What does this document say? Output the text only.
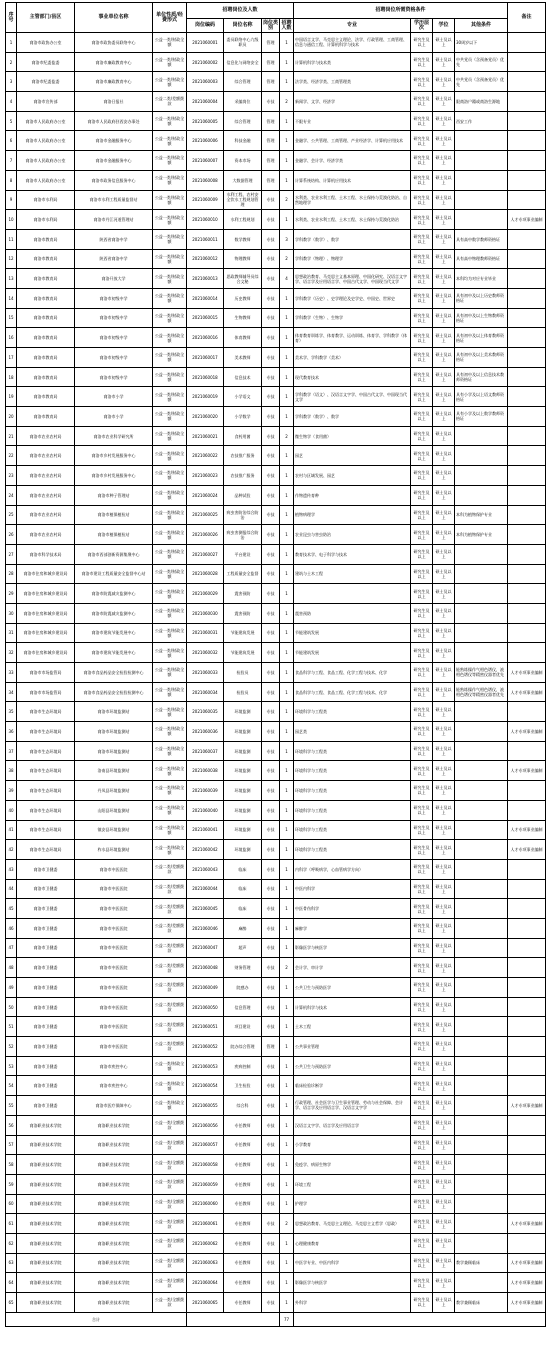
序号	主管部门/县区	事业单位名称	单位性质/经费形式	招聘岗位及人数				招聘岗位所需资格条件				备注
				岗位编码	岗位名称	岗位类别	招聘人数	专业	学历层次	学位	其他条件	
1	商洛市政协办公室	商洛市政协委员联络中心	公益一类/财政全额	2021060001	委员联络中心九级职员	管理	1	中国语言文学、马克思主义理论、法学、行政管理、工商管理、信息与通信工程、计算机科学与技术	研究生及以上	硕士及以上	30周岁以下	
2	商洛市纪委监委	商洛市廉政教育中心	公益一类/财政全额	2021060002	信息化与网络安全	管理	1	计算机科学与技术类	研究生及以上	硕士及以上	中共党员（含预备党员）优先	
3	商洛市纪委监委	商洛市廉政教育中心	公益一类/财政全额	2021060003	综合管理	管理	1	法学类、经济学类、工商管理类	研究生及以上	硕士及以上	中共党员（含预备党员）优先	
4	商洛市宣传部	商洛日报社	公益二类/差额拨款	2021060004	采编岗位	专技	2	新闻学、文学、经济学	研究生及以上	硕士及以上	限商洛户籍或商洛生源地	
5	商洛市人民政府办公室	商洛市人民政府驻西安办事处	公益一类/财政全额	2021060005	综合管理	管理	1	不限专业	研究生及以上	硕士及以上	西安工作	
6	商洛市人民政府办公室	商洛市金融服务中心	公益一类/财政全额	2021060006	科技金融	管理	1	金融学、公共管理、工商管理、产业经济学、计算机应用技术	研究生及以上	硕士及以上		
7	商洛市人民政府办公室	商洛市金融服务中心	公益一类/财政全额	2021060007	资本市场	管理	1	金融学、会计学、经济学类	研究生及以上	硕士及以上		
8	商洛市人民政府办公室	商洛市政务信息服务中心	公益一类/财政全额	2021060008	大数据管理	管理	1	计算系统结构、计算机应用技术	研究生及以上	硕士及以上		
9	商洛市水利局	商洛市水利工程质量监督站	公益一类/财政全额	2021060009	水利工程、农村安全饮水工程规划管理	专技	2	水利类、农业水利工程、土木工程、水土保持与荒漠化防治、自然地理学	研究生及以上	硕士及以上		
10	商洛市水利局	商洛市丹江河道管理站	公益一类/财政全额	2021060010	水利工程规划	专技	1	水利类、农业水利工程、土木工程、水土保持与荒漠化防治	研究生及以上	硕士及以上		人才专项事业编制
11	商洛市教育局	陕西省商洛中学	公益一类/财政全额	2021060011	数学教师	专技	3	学科教学（数学）、数学	研究生及以上	硕士及以上	具有高中数学教师资格证	
12	商洛市教育局	陕西省商洛中学	公益一类/财政全额	2021060012	物理教师	专技	2	学科教学（物理）、物理学	研究生及以上	硕士及以上	具有高中物理教师资格证	
13	商洛市教育局	商洛开放大学	公益一类/财政全额	2021060013	思政教师辅导员综合文秘	专技	4	思想政治教育、马克思主义基本原理、中国化研究、汉语言文字学、语言学及应用语言学、中国古代文学、中国现当代文学	研究生及以上	硕士及以上	本科均为对应专业毕业	
14	商洛市教育局	商洛市初级中学	公益一类/财政全额	2021060014	历史教师	专技	1	学科教学（历史）、史学理论及史学史、中国史、世界史	研究生及以上	硕士及以上	具有初中及以上历史教师资格证	
15	商洛市教育局	商洛市初级中学	公益一类/财政全额	2021060015	生物教师	专技	1	学科教学（生物）、生物学	研究生及以上	硕士及以上	具有初中及以上生物教师资格证	
16	商洛市教育局	商洛市初级中学	公益一类/财政全额	2021060016	体育教师	专技	1	体育教育训练学、体育教学、运动训练、体育学、学科教学（体育）	研究生及以上	硕士及以上	具有初中及以上体育教师资格证	
17	商洛市教育局	商洛市初级中学	公益一类/财政全额	2021060017	美术教师	专技	1	美术学、学科教学（美术）	研究生及以上	硕士及以上	具有初中及以上美术教师资格证	
18	商洛市教育局	商洛市初级中学	公益一类/财政全额	2021060018	信息技术	专技	1	现代教育技术	研究生及以上	硕士及以上	具有初中及以上信息技术教师资格证	
19	商洛市教育局	商洛市小学	公益一类/财政全额	2021060019	小学语文	专技	1	学科教学（语文）、汉语言文字学、中国古代文学、中国现当代文学	研究生及以上	硕士及以上	具有小学及以上语文教师资格证	
20	商洛市教育局	商洛市小学	公益一类/财政全额	2021060020	小学数学	专技	1	学科教学（数学）、数学	研究生及以上	硕士及以上	具有小学及以上数学教师资格证	
21	商洛市农业农村局	商洛市农业科学研究所	公益一类/财政全额	2021060021	食药用菌	专技	2	微生物学（食用菌）	研究生及以上	硕士及以上		
22	商洛市农业农村局	商洛市乡村发展服务中心	公益一类/财政全额	2021060022	农技推广服务	专技	1	园艺	研究生及以上	硕士及以上		
23	商洛市农业农村局	商洛市乡村发展服务中心	公益一类/财政全额	2021060023	农技推广服务	专技	1	农村与区域发展、园艺	研究生及以上	硕士及以上		
24	商洛市农业农村局	商洛市种子管理站	公益一类/财政全额	2021060024	品种试验	专技	1	作物遗传育种	研究生及以上	硕士及以上		
25	商洛市农业农村局	商洛市植保植检站	公益一类/财政全额	2021060025	病虫害防治综合防治	专技	1	植物病理学	研究生及以上	硕士及以上	本科为植物保护专业	
26	商洛市农业农村局	商洛市植保植检站	公益一类/财政全额	2021060026	病虫害测报综合防治	专技	1	农业昆虫与害虫防治	研究生及以上	硕士及以上	本科为植物保护专业	
27	商洛市科学技术局	商洛市西部创新资源集聚中心	公益一类/财政全额	2021060027	平台建设	专技	1	教育技术学、电子科学与技术	研究生及以上	硕士及以上		
28	商洛市住房和城乡建设局	商洛市建设工程质量安全监督中心站	公益一类/财政全额	2021060028	工程质量安全监督	专技	1	建筑与土木工程	研究生及以上	硕士及以上		
29	商洛市住房和城乡建设局	商洛市防震减灾监测中心	公益一类/财政全额	2021060029	震害预防	专技	1		研究生及以上	硕士及以上		
30	商洛市住房和城乡建设局	商洛市防震减灾监测中心	公益一类/财政全额	2021060030	震害预防	专技	1	震害预防	研究生及以上	硕士及以上		
31	商洛市住房和城乡建设局	商洛市建筑节能发展中心	公益一类/财政全额	2021060031	节能建筑发展	专技	1	节能建筑发展	研究生及以上	硕士及以上		
32	商洛市住房和城乡建设局	商洛市建筑节能发展中心	公益一类/财政全额	2021060032	节能建筑发展	专技	1	节能建筑发展	研究生及以上	硕士及以上		
33	商洛市市场监管局	商洛市食品药品安全检验检测中心	公益一类/财政全额	2021060033	检验员	专技	1	食品科学与工程、食品工程、化学工程与技术、化学	研究生及以上	硕士及以上	能熟练操作气相色谱仪，液相色谱仪等精密仪器者优先	人才专项事业编制
34	商洛市市场监管局	商洛市食品药品安全检验检测中心	公益一类/财政全额	2021060034	检验员	专技	1	食品科学与工程、食品工程、化学工程与技术、化学	研究生及以上	硕士及以上	能熟练操作气相色谱仪，液相色谱仪等精密仪器者优先	人才专项事业编制
35	商洛市生态环境局	商洛市环境监测站	公益一类/财政全额	2021060035	环境监测	专技	1	环境科学与工程类	研究生及以上	硕士及以上		
36	商洛市生态环境局	商洛市环境监测站	公益一类/财政全额	2021060036	环境监测	专技	1	园艺类	研究生及以上	硕士及以上		人才专项事业编制
37	商洛市生态环境局	商洛市环境监测站	公益一类/财政全额	2021060037	环境监测	专技	1	环境科学与工程类	研究生及以上	硕士及以上		
38	商洛市生态环境局	洛南县环境监测站	公益一类/财政全额	2021060038	环境监测	专技	1	环境科学与工程类	研究生及以上	硕士及以上		人才专项事业编制
39	商洛市生态环境局	丹凤县环境监测站	公益一类/财政全额	2021060039	环境监测	专技	1	环境科学与工程类	研究生及以上	硕士及以上		
40	商洛市生态环境局	山阳县环境监测站	公益一类/财政全额	2021060040	环境监测	专技	1	环境科学与工程类	研究生及以上	硕士及以上		
41	商洛市生态环境局	镇安县环境监测站	公益一类/财政全额	2021060041	环境监测	专技	1	环境科学与工程类	研究生及以上	硕士及以上		人才专项事业编制
42	商洛市生态环境局	柞水县环境监测站	公益一类/财政全额	2021060042	环境监测	专技	1	环境科学与工程类	研究生及以上	硕士及以上		人才专项事业编制
43	商洛市卫健委	商洛市中医医院	公益二类/差额拨款	2021060043	临床	专技	1	内科学（呼吸病学，心血管病学方向）	研究生及以上	硕士及以上		
44	商洛市卫健委	商洛市中医医院	公益二类/差额拨款	2021060044	临床	专技	1	中医内科学	研究生及以上	硕士及以上		
45	商洛市卫健委	商洛市中医医院	公益二类/差额拨款	2021060045	临床	专技	1	中医骨伤科学	研究生及以上	硕士及以上		
46	商洛市卫健委	商洛市中医医院	公益二类/差额拨款	2021060046	麻醉	专技	1	麻醉学	研究生及以上	硕士及以上		
47	商洛市卫健委	商洛市中医医院	公益二类/差额拨款	2021060047	超声	专技	1	影像医学与核医学	研究生及以上	硕士及以上		
48	商洛市卫健委	商洛市中医医院	公益二类/差额拨款	2021060048	财务管理	专技	2	会计学、审计学	研究生及以上	硕士及以上		
49	商洛市卫健委	商洛市中医医院	公益二类/差额拨款	2021060049	院感办	专技	1	公共卫生与预防医学	研究生及以上	硕士及以上		
50	商洛市卫健委	商洛市中医医院	公益二类/差额拨款	2021060050	信息管理	专技	1	计算机科学与技术	研究生及以上	硕士及以上		
51	商洛市卫健委	商洛市中医医院	公益二类/差额拨款	2021060051	项目建设	专技	1	土木工程	研究生及以上	硕士及以上		
52	商洛市卫健委	商洛市中医医院	公益二类/差额拨款	2021060052	院办综合管理	管理	1	公共事业管理	研究生及以上	硕士及以上		
53	商洛市卫健委	商洛市疾控中心	公益一类/财政全额	2021060053	疾病控制	专技	1	公共卫生与预防医学	研究生及以上	硕士及以上		
54	商洛市卫健委	商洛市疾控中心	公益一类/财政全额	2021060054	卫生检验	专技	1	临床检验诊断学	研究生及以上	硕士及以上		
55	商洛市卫健委	商洛市医疗保障中心	公益一类/财政全额	2021060055	综合科	专技	1	行政管理、社会医学与卫生事业管理、劳动与社会保障、会计学、语言学及应用语言学、汉语言文字学	研究生及以上	硕士及以上		人才专项事业编制
56	商洛职业技术学院	商洛职业技术学院	公益一类/全额拨款	2021060056	专任教师	专技	1	汉语言文字学、语言学及应用语言学	研究生及以上	硕士及以上		
57	商洛职业技术学院	商洛职业技术学院	公益一类/全额拨款	2021060057	专任教师	专技	1	小学教育	研究生及以上	硕士及以上		
58	商洛职业技术学院	商洛职业技术学院	公益一类/全额拨款	2021060058	专任教师	专技	1	免疫学、病原生物学	研究生及以上	硕士及以上		
59	商洛职业技术学院	商洛职业技术学院	公益一类/全额拨款	2021060059	专任教师	专技	1	环境工程	研究生及以上	硕士及以上		
60	商洛职业技术学院	商洛职业技术学院	公益一类/全额拨款	2021060060	专任教师	专技	1	护理学	研究生及以上	硕士及以上		
61	商洛职业技术学院	商洛职业技术学院	公益一类/全额拨款	2021060061	专任教师	专技	2	思想政治教育、马克思主义理论、马克思主义哲学（思政）	研究生及以上	硕士及以上		人才专项事业编制
62	商洛职业技术学院	商洛职业技术学院	公益一类/全额拨款	2021060062	专任教师	专技	1	心理健康教育	研究生及以上	硕士及以上		
63	商洛职业技术学院	商洛职业技术学院	公益一类/全额拨款	2021060063	专任教师	专技	1	中医学专业、中医内科学	研究生及以上	硕士及以上	教学兼顾临床	人才专项事业编制
64	商洛职业技术学院	商洛职业技术学院	公益一类/全额拨款	2021060064	专任教师	专技	1	影像医学与核医学	研究生及以上	硕士及以上		人才专项事业编制
65	商洛职业技术学院	商洛职业技术学院	公益一类/全额拨款	2021060065	专任教师	专技	1	外科学	研究生及以上	硕士及以上	教学兼顾临床	人才专项事业编制
合计							77					
